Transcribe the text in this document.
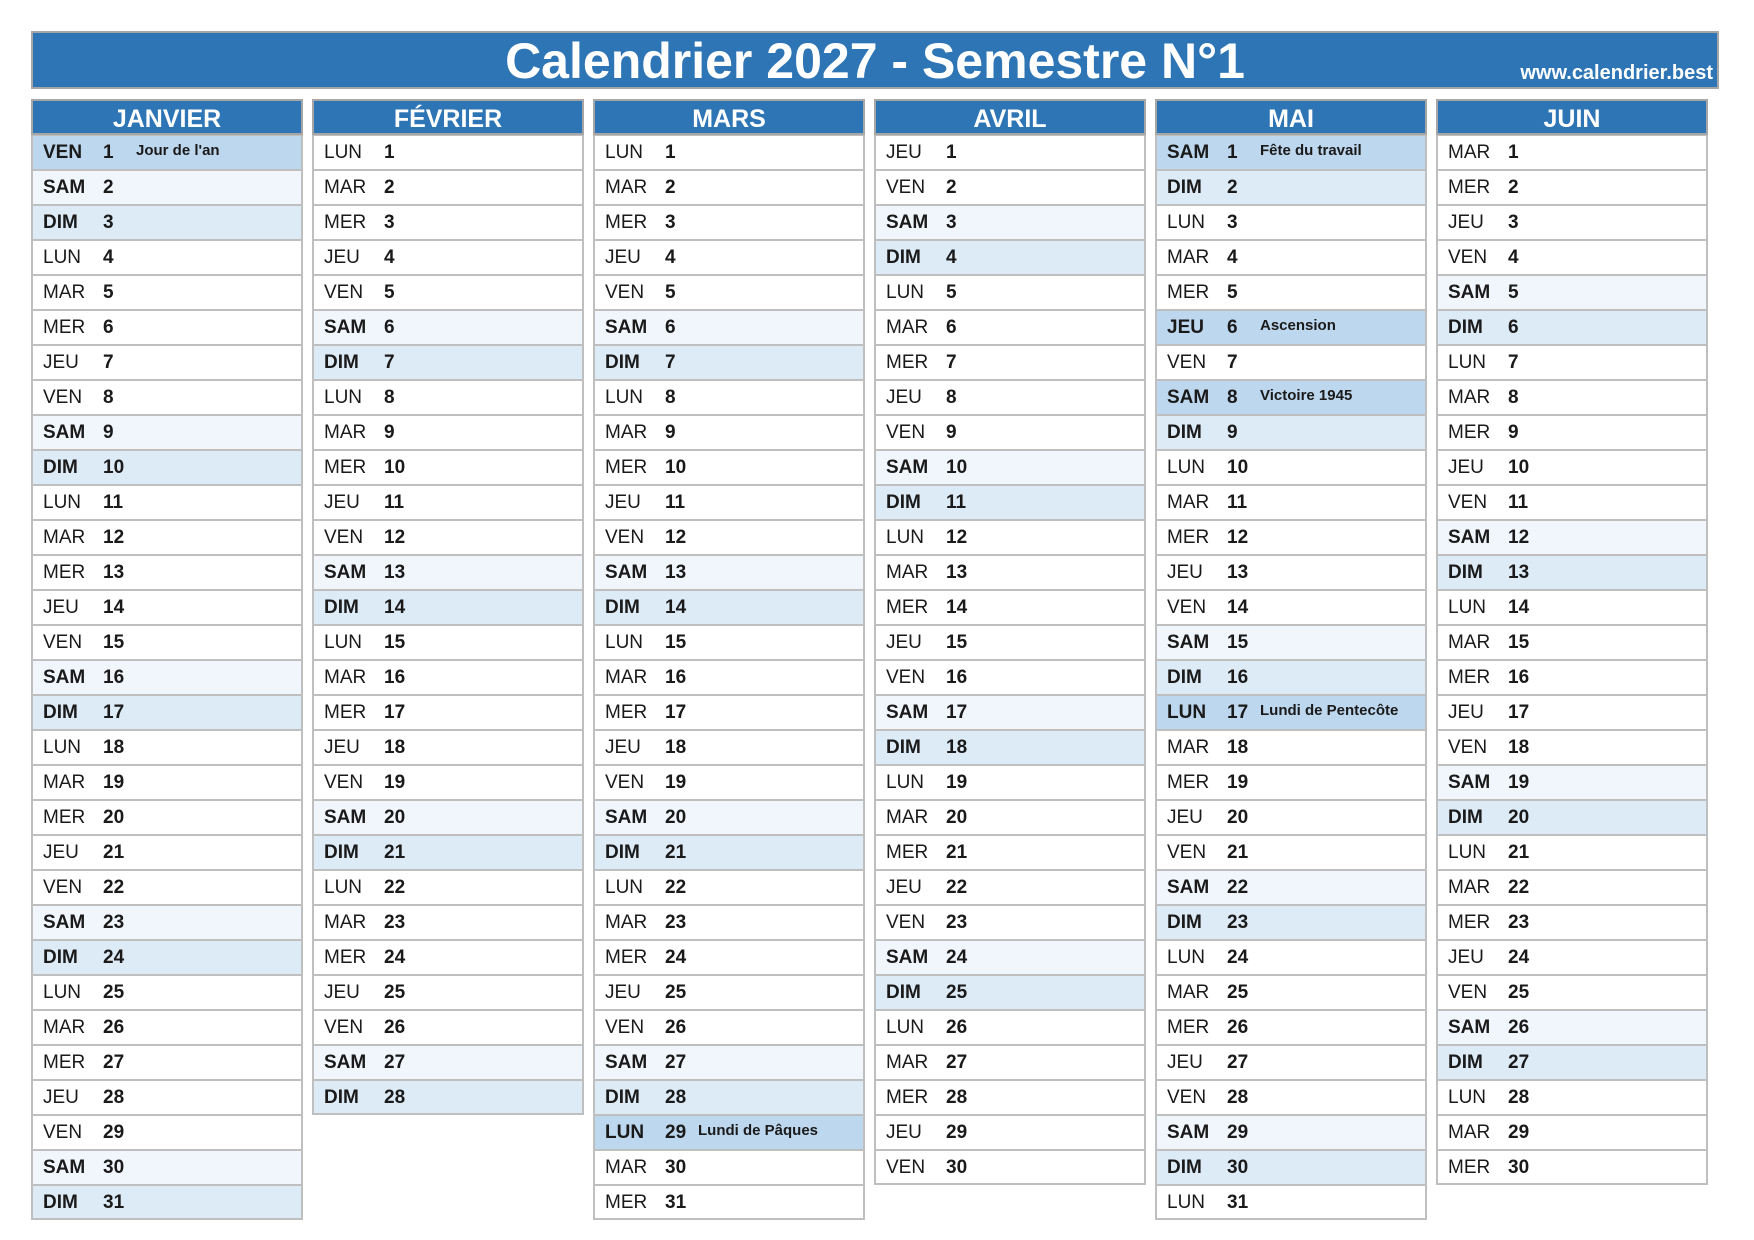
Calendrier 2027 - Semestre N°1	www.calendrier.best
JANVIER
VEN 1 Jour de l'an
SAM 2
DIM 3
LUN 4
MAR 5
MER 6
JEU 7
VEN 8
SAM 9
DIM 10
LUN 11
MAR 12
MER 13
JEU 14
VEN 15
SAM 16
DIM 17
LUN 18
MAR 19
MER 20
JEU 21
VEN 22
SAM 23
DIM 24
LUN 25
MAR 26
MER 27
JEU 28
VEN 29
SAM 30
DIM 31
FÉVRIER
LUN 1
MAR 2
MER 3
JEU 4
VEN 5
SAM 6
DIM 7
LUN 8
MAR 9
MER 10
JEU 11
VEN 12
SAM 13
DIM 14
LUN 15
MAR 16
MER 17
JEU 18
VEN 19
SAM 20
DIM 21
LUN 22
MAR 23
MER 24
JEU 25
VEN 26
SAM 27
DIM 28
MARS
LUN 1
MAR 2
MER 3
JEU 4
VEN 5
SAM 6
DIM 7
LUN 8
MAR 9
MER 10
JEU 11
VEN 12
SAM 13
DIM 14
LUN 15
MAR 16
MER 17
JEU 18
VEN 19
SAM 20
DIM 21
LUN 22
MAR 23
MER 24
JEU 25
VEN 26
SAM 27
DIM 28
LUN 29 Lundi de Pâques
MAR 30
MER 31
AVRIL
JEU 1
VEN 2
SAM 3
DIM 4
LUN 5
MAR 6
MER 7
JEU 8
VEN 9
SAM 10
DIM 11
LUN 12
MAR 13
MER 14
JEU 15
VEN 16
SAM 17
DIM 18
LUN 19
MAR 20
MER 21
JEU 22
VEN 23
SAM 24
DIM 25
LUN 26
MAR 27
MER 28
JEU 29
VEN 30
MAI
SAM 1 Fête du travail
DIM 2
LUN 3
MAR 4
MER 5
JEU 6 Ascension
VEN 7
SAM 8 Victoire 1945
DIM 9
LUN 10
MAR 11
MER 12
JEU 13
VEN 14
SAM 15
DIM 16
LUN 17 Lundi de Pentecôte
MAR 18
MER 19
JEU 20
VEN 21
SAM 22
DIM 23
LUN 24
MAR 25
MER 26
JEU 27
VEN 28
SAM 29
DIM 30
LUN 31
JUIN
MAR 1
MER 2
JEU 3
VEN 4
SAM 5
DIM 6
LUN 7
MAR 8
MER 9
JEU 10
VEN 11
SAM 12
DIM 13
LUN 14
MAR 15
MER 16
JEU 17
VEN 18
SAM 19
DIM 20
LUN 21
MAR 22
MER 23
JEU 24
VEN 25
SAM 26
DIM 27
LUN 28
MAR 29
MER 30
